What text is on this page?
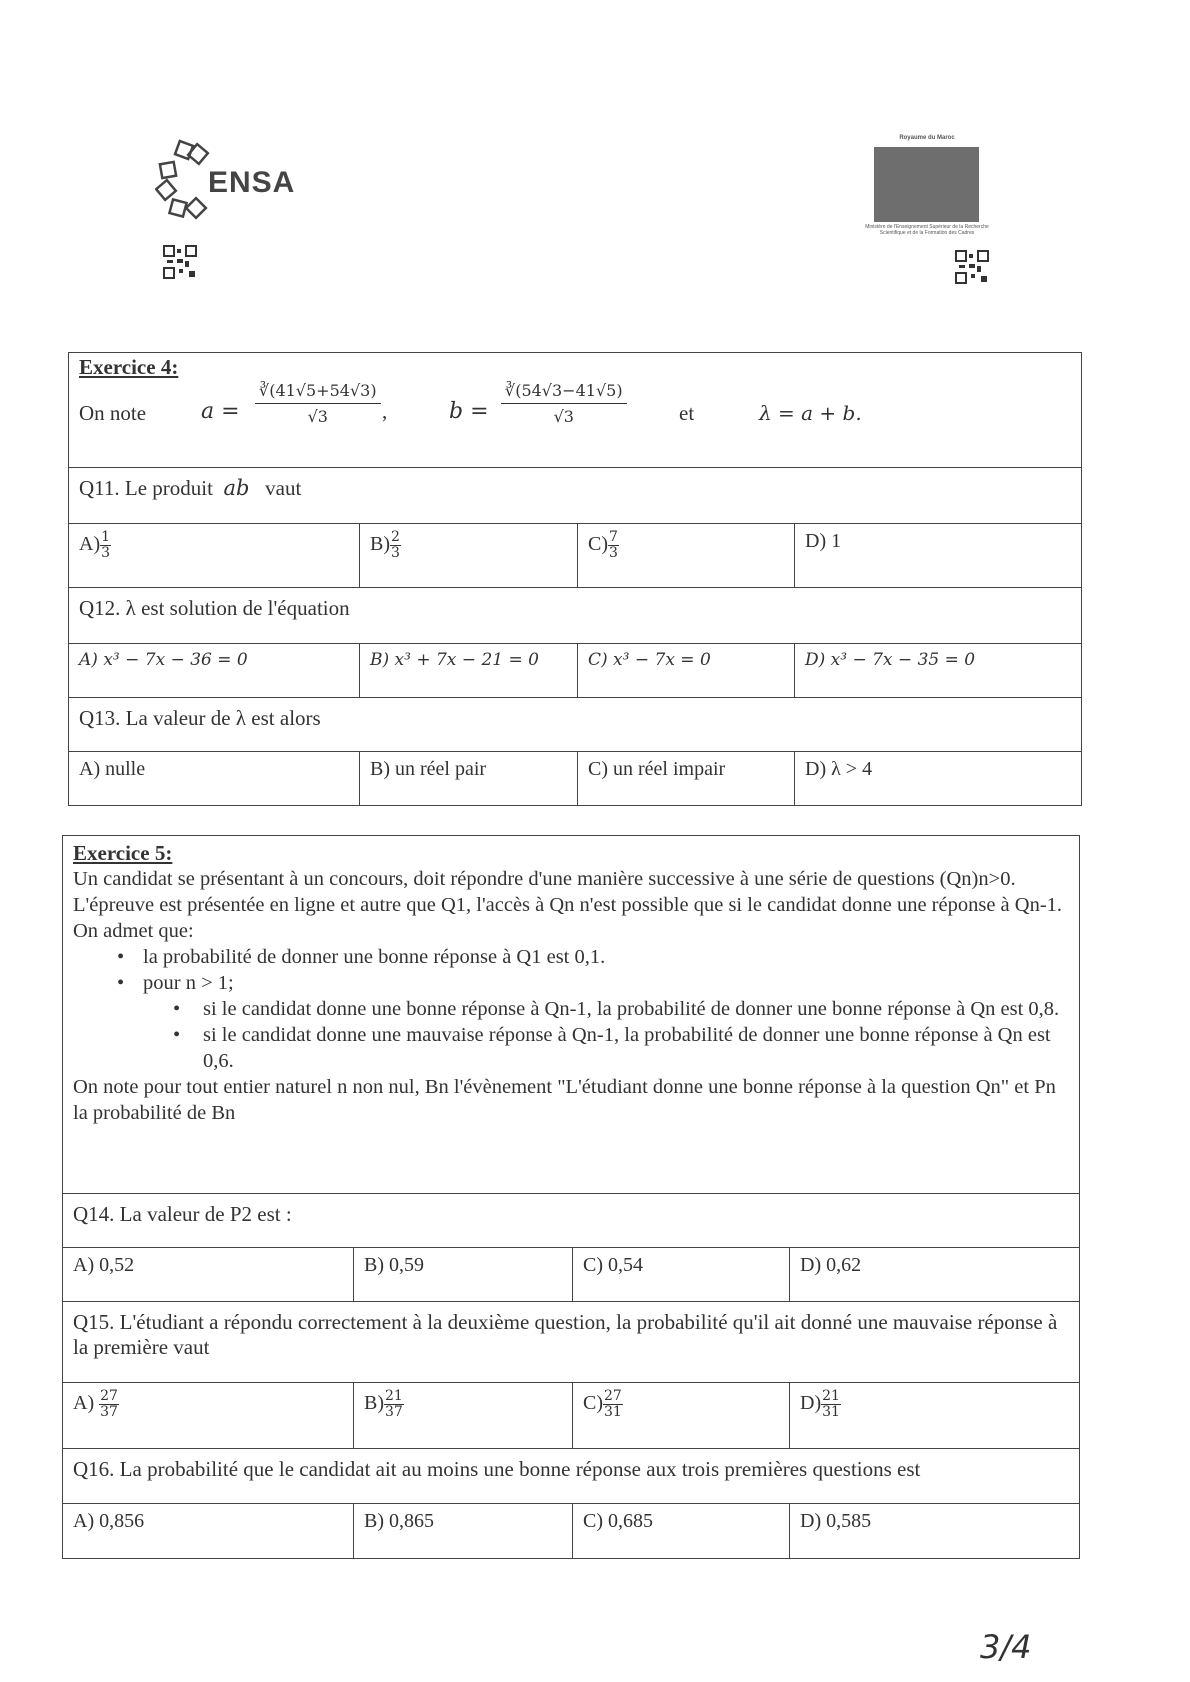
ENSA
Royaume du Maroc
Ministère de l'Enseignement Supérieur de la Recherche Scientifique et de la Formation des Cadres
Exercice 4:
On note $a = \frac{∛(41√5+54√3)}{√3}$ ,	$b = \frac{∛(54√3-41√5)}{√3}$ et	λ = a + b.
Q11. Le produit ab vaut
$A) \frac{1}{3}$	$B) \frac{2}{3}$	$C) \frac{7}{3}$	D) 1
Q12. λ est solution de l'équation
A) x³ − 7x − 36 = 0	B) x³ + 7x − 21 = 0	C) x³ − 7x = 0	D) x³ − 7x − 35 = 0
Q13. La valeur de λ est alors
A) nulle	B) un réel pair	C) un réel impair	D) λ > 4
Exercice 5:

Un candidat se présentant à un concours, doit répondre d'une manière successive à une série de questions (Qn)n>0. L'épreuve est présentée en ligne et autre que Q1, l'accès à Qn n'est possible que si le candidat donne une réponse à Qn-1. On admet que:

• la probabilité de donner une bonne réponse à Q1 est 0,1.

• pour n > 1;

• si le candidat donne une bonne réponse à Qn-1, la probabilité de donner une bonne réponse à Qn est 0,8.

• si le candidat donne une mauvaise réponse à Qn-1, la probabilité de donner une bonne réponse à Qn est 0,6.

On note pour tout entier naturel n non nul, Bn l'évènement "L'étudiant donne une bonne réponse à la question Qn" et Pn la probabilité de Bn

Q14. La valeur de P2 est :
A) 0,52	B) 0,59	C) 0,54	D) 0,62
Q15. L'étudiant a répondu correctement à la deuxième question, la probabilité qu'il ait donné une mauvaise réponse à la première vaut
$A) \frac{27}{37}$	$B) \frac{21}{37}$	$C) \frac{27}{31}$	$D) \frac{21}{31}$
Q16. La probabilité que le candidat ait au moins une bonne réponse aux trois premières questions est
A) 0,856	B) 0,865	C) 0,685	D) 0,585
3/4
